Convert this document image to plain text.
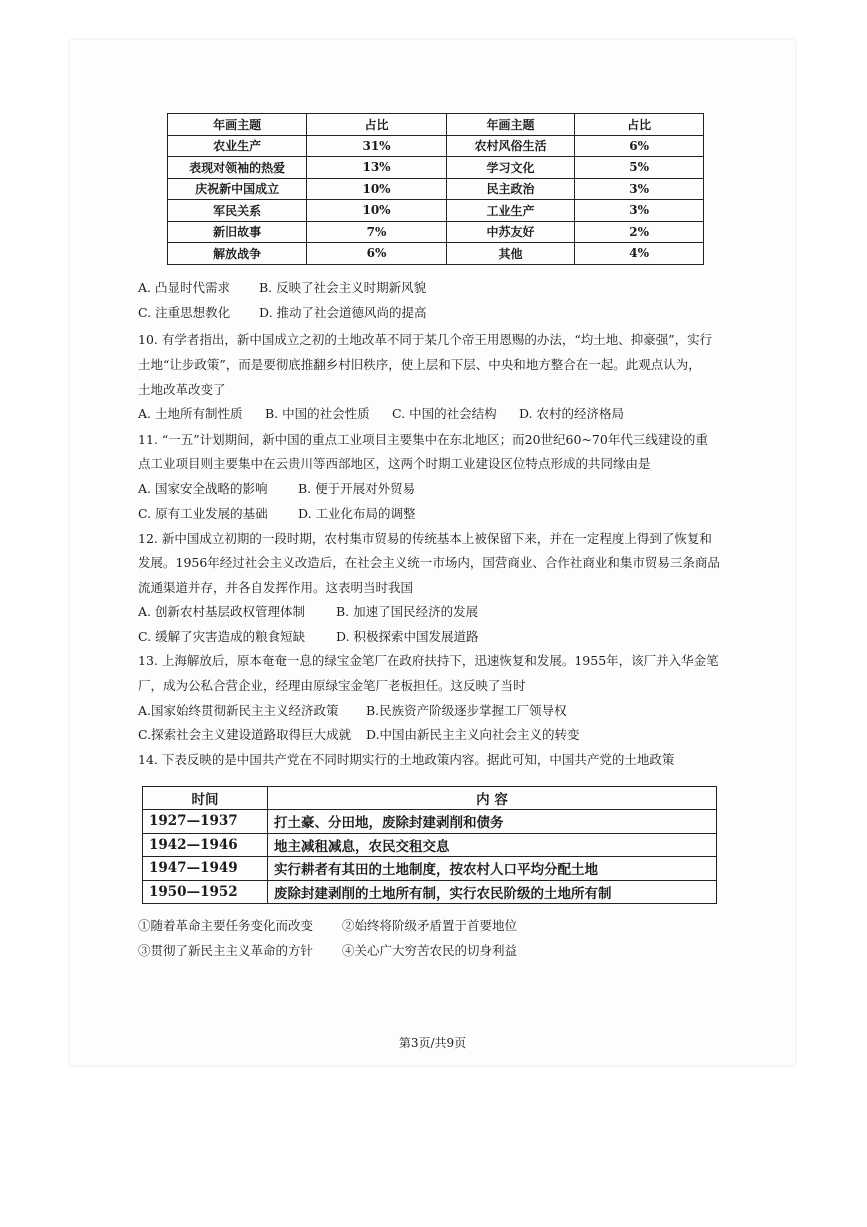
年画主题	占比	年画主题	占比
农业生产	31%	农村风俗生活	6%
表现对领袖的热爱	13%	学习文化	5%
庆祝新中国成立	10%	民主政治	3%
军民关系	10%	工业生产	3%
新旧故事	7%	中苏友好	2%
解放战争	6%	其他	4%
A. 凸显时代需求 B. 反映了社会主义时期新风貌
C. 注重思想教化 D. 推动了社会道德风尚的提高
10. 有学者指出，新中国成立之初的土地改革不同于某几个帝王用恩赐的办法，“均土地、抑豪强”，实行
土地“让步政策”，而是要彻底推翻乡村旧秩序，使上层和下层、中央和地方整合在一起。此观点认为，
土地改革改变了
A. 土地所有制性质 B. 中国的社会性质 C. 中国的社会结构 D. 农村的经济格局
11. “一五”计划期间，新中国的重点工业项目主要集中在东北地区；而20世纪60~70年代三线建设的重
点工业项目则主要集中在云贵川等西部地区，这两个时期工业建设区位特点形成的共同缘由是
A. 国家安全战略的影响 B. 便于开展对外贸易
C. 原有工业发展的基础 D. 工业化布局的调整
12. 新中国成立初期的一段时期，农村集市贸易的传统基本上被保留下来，并在一定程度上得到了恢复和
发展。1956年经过社会主义改造后，在社会主义统一市场内，国营商业、合作社商业和集市贸易三条商品
流通渠道并存，并各自发挥作用。这表明当时我国
A. 创新农村基层政权管理体制 B. 加速了国民经济的发展
C. 缓解了灾害造成的粮食短缺 D. 积极探索中国发展道路
13. 上海解放后，原本奄奄一息的绿宝金笔厂在政府扶持下，迅速恢复和发展。1955年，该厂并入华金笔
厂，成为公私合营企业，经理由原绿宝金笔厂老板担任。这反映了当时
A.国家始终贯彻新民主主义经济政策 B.民族资产阶级逐步掌握工厂领导权
C.探索社会主义建设道路取得巨大成就 D.中国由新民主主义向社会主义的转变
14. 下表反映的是中国共产党在不同时期实行的土地政策内容。据此可知，中国共产党的土地政策
时间	内 容
1927—1937	打土豪、分田地，废除封建剥削和债务
1942—1946	地主减租减息，农民交租交息
1947—1949	实行耕者有其田的土地制度，按农村人口平均分配土地
1950—1952	废除封建剥削的土地所有制，实行农民阶级的土地所有制
①随着革命主要任务变化而改变 ②始终将阶级矛盾置于首要地位
③贯彻了新民主主义革命的方针 ④关心广大穷苦农民的切身利益
第3页/共9页
